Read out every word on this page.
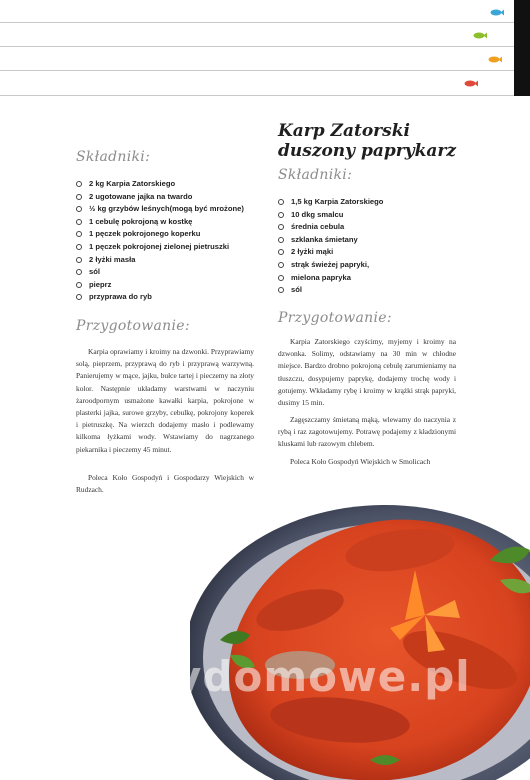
Składniki:
2 kg Karpia Zatorskiego
2 ugotowane jajka na twardo
½ kg grzybów leśnych(mogą być mrożone)
1 cebulę pokrojoną w kostkę
1 pęczek pokrojonego koperku
1 pęczek pokrojonej zielonej pietruszki
2 łyżki masła
sól
pieprz
przyprawa do ryb
Przygotowanie:

Karpia oprawiamy i kroimy na dzwonki. Przyprawiamy solą, pieprzem, przyprawą do ryb i przyprawą warzywną. Panierujemy w mące, jajku, bułce tartej i pieczemy na złoty kolor. Następnie układamy warstwami w naczyniu żaroodpornym usmażone kawałki karpia, pokrojone w plasterki jajka, surowe grzyby, cebulkę, pokrojony koperek i pietruszkę. Na wierzch dodajemy masło i podlewamy kilkoma łyżkami wody. Wstawiamy do nagrzanego piekarnika i pieczemy 45 minut.

Poleca Koło Gospodyń i Gospodarzy Wiejskich w Rudzach.

Karp Zatorski duszony paprykarz
Składniki:
1,5 kg Karpia Zatorskiego
10 dkg smalcu
średnia cebula
szklanka śmietany
2 łyżki mąki
strąk świeżej papryki,
mielona papryka
sól
Przygotowanie:

Karpia Zatorskiego czyścimy, myjemy i kroimy na dzwonka. Solimy, odstawiamy na 30 min w chłodne miejsce. Bardzo drobno pokrojoną cebulę zarumieniamy na tłuszczu, dosypujemy paprykę, dodajemy trochę wody i gotujemy. Wkładamy rybę i kroimy w krążki strąk papryki, dusimy 15 min.

Zagęszczamy śmietaną mąką, wlewamy do naczynia z rybą i raz zagotowujemy. Potrawę podajemy z kładzionymi kluskami lub razowym chlebem.

Poleca Koło Gospodyń Wiejskich w Smolicach

wedlinydomowe.pl
